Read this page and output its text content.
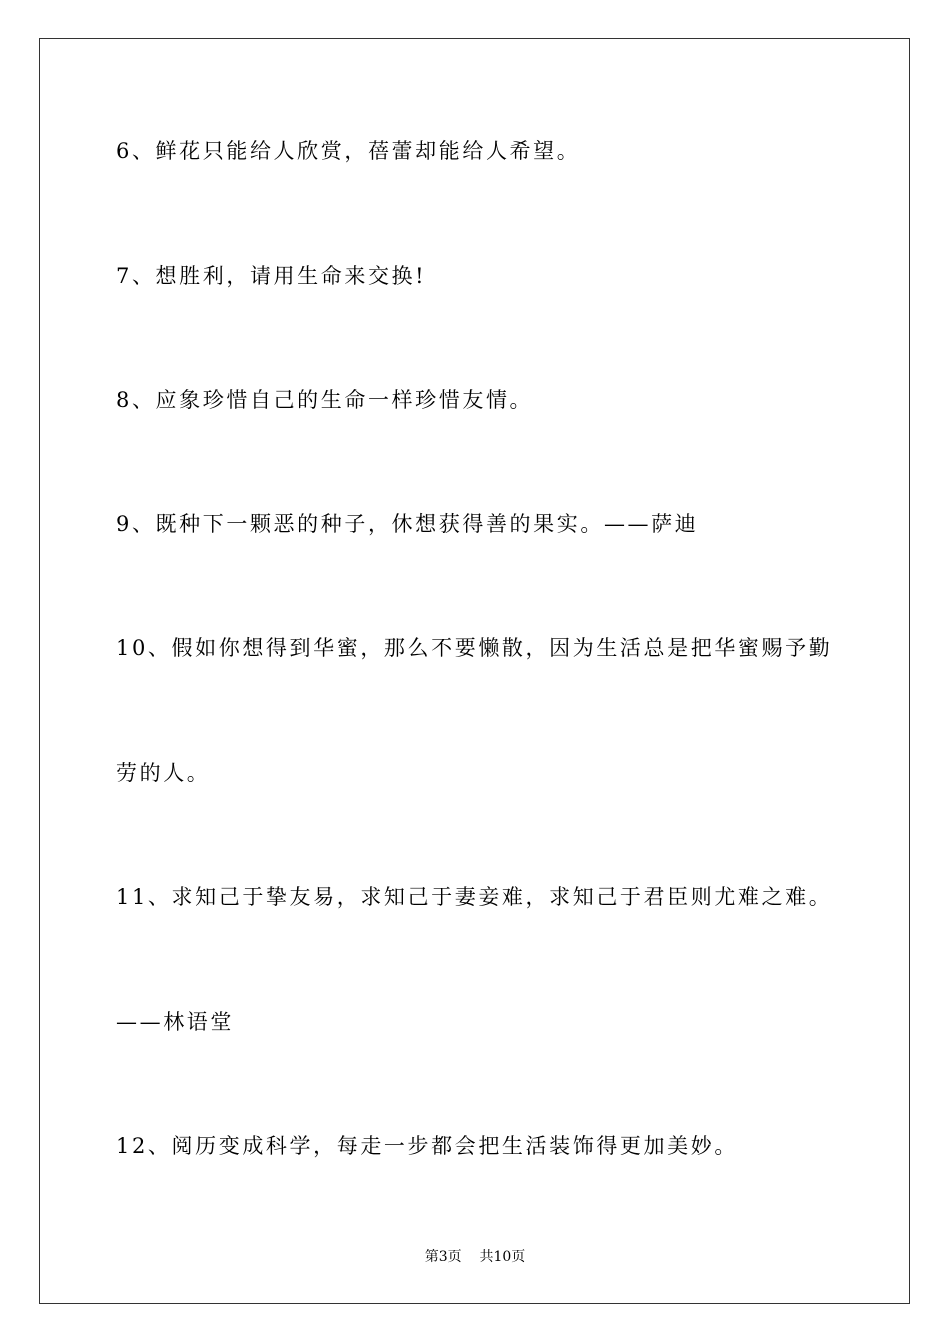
6、鲜花只能给人欣赏，蓓蕾却能给人希望。
7、想胜利，请用生命来交换!
8、应象珍惜自己的生命一样珍惜友情。
9、既种下一颗恶的种子，休想获得善的果实。——萨迪
10、假如你想得到华蜜，那么不要懒散，因为生活总是把华蜜赐予勤
劳的人。
11、求知己于挚友易，求知己于妻妾难，求知己于君臣则尤难之难。
——林语堂
12、阅历变成科学，每走一步都会把生活装饰得更加美妙。
第3页    共10页
